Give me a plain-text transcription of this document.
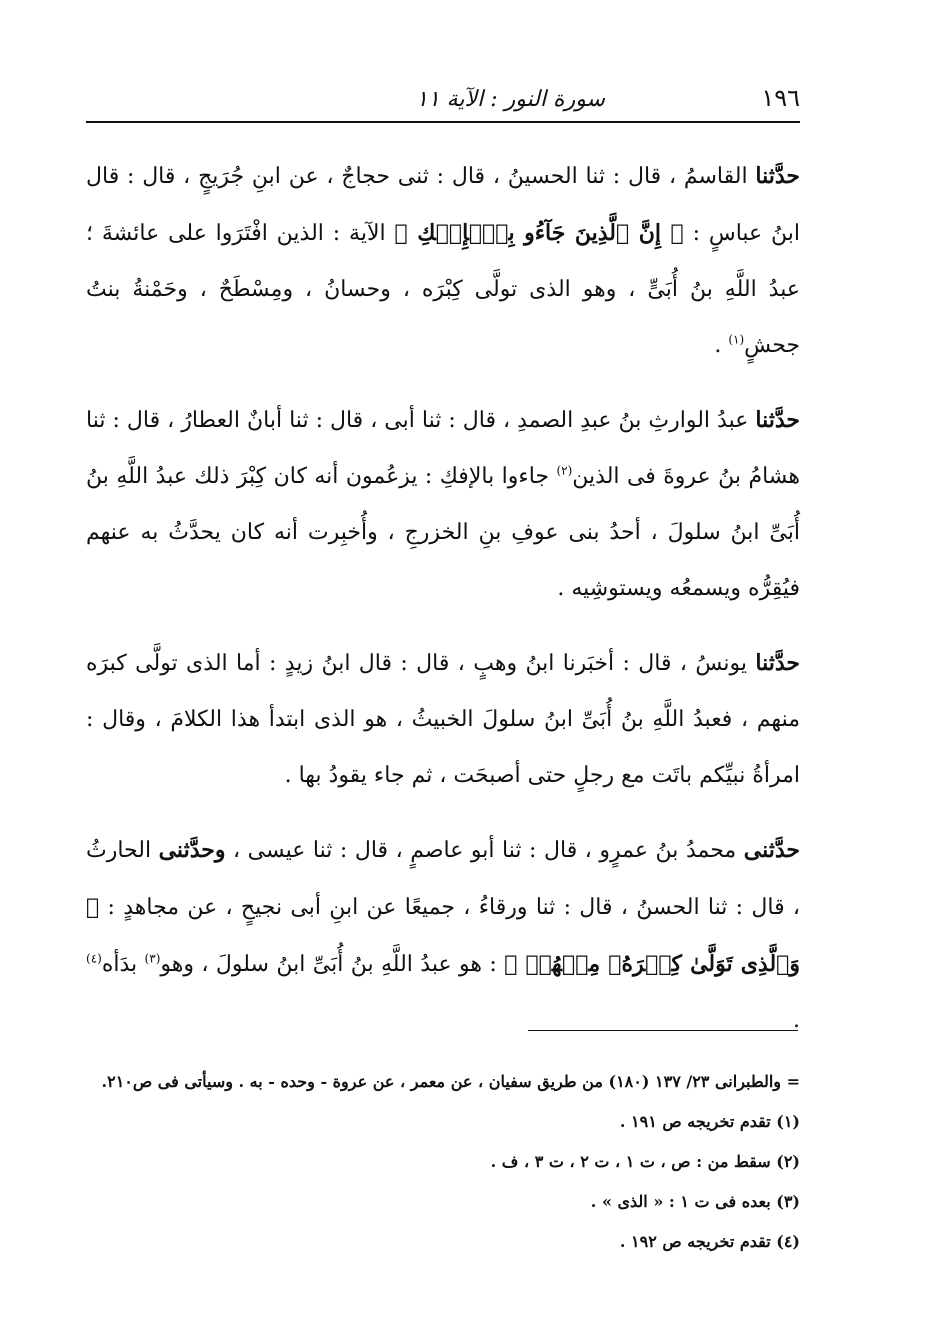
١٩٦
سورة النور : الآية ١١

حدَّثنا القاسمُ ، قال : ثنا الحسينُ ، قال : ثنى حجاجٌ ، عن ابنِ جُرَيجٍ ، قال : قال ابنُ عباسٍ : ﴿ إِنَّ ٱلَّذِينَ جَآءُو بِٱلۡإِفۡكِ ﴾ الآية : الذين افْتَرَوا على عائشةَ ؛ عبدُ اللَّهِ بنُ أُبَىٍّ ، وهو الذى تولَّى كِبْرَه ، وحسانُ ، ومِسْطَحٌ ، وحَمْنةُ بنتُ جحشٍ$^{(١)}$ .

حدَّثنا عبدُ الوارثِ بنُ عبدِ الصمدِ ، قال : ثنا أبى ، قال : ثنا أبانٌ العطارُ ، قال : ثنا هشامُ بنُ عروةَ فى الذين$^{(٢)}$ جاءوا بالإفكِ : يزعُمون أنه كان كِبْرَ ذلك عبدُ اللَّهِ بنُ أُبَىِّ ابنُ سلولَ ، أحدُ بنى عوفِ بنِ الخزرجِ ، وأُخبِرت أنه كان يحدَّثُ به عنهم فيُقِرُّه ويسمعُه ويستوشِيه .

حدَّثنا يونسُ ، قال : أخبَرنا ابنُ وهبٍ ، قال : قال ابنُ زيدٍ : أما الذى تولَّى كبرَه منهم ، فعبدُ اللَّهِ بنُ أُبَىِّ ابنُ سلولَ الخبيثُ ، هو الذى ابتدأ هذا الكلامَ ، وقال : امرأةُ نبيِّكم باتَت مع رجلٍ حتى أصبحَت ، ثم جاء يقودُ بها .

حدَّثنى محمدُ بنُ عمرٍو ، قال : ثنا أبو عاصمٍ ، قال : ثنا عيسى ، وحدَّثنى الحارثُ ، قال : ثنا الحسنُ ، قال : ثنا ورقاءُ ، جميعًا عن ابنِ أبى نجيحٍ ، عن مجاهدٍ : ﴿ وَٱلَّذِى تَوَلَّىٰ كِبۡرَهُۥ مِنۡهُمۡ ﴾ : هو عبدُ اللَّهِ بنُ أُبَىِّ ابنُ سلولَ ، وهو$^{(٣)}$ بدَأه$^{(٤)}$ .

= والطبرانى ٢٣/ ١٣٧ (١٨٠) من طريق سفيان ، عن معمر ، عن عروة - وحده - به . وسيأتى فى ص٢١٠.

(١) تقدم تخريجه ص ١٩١ .

(٢) سقط من : ص ، ت ١ ، ت ٢ ، ت ٣ ، ف .

(٣) بعده فى ت ١ : « الذى » .

(٤) تقدم تخريجه ص ١٩٢ .
